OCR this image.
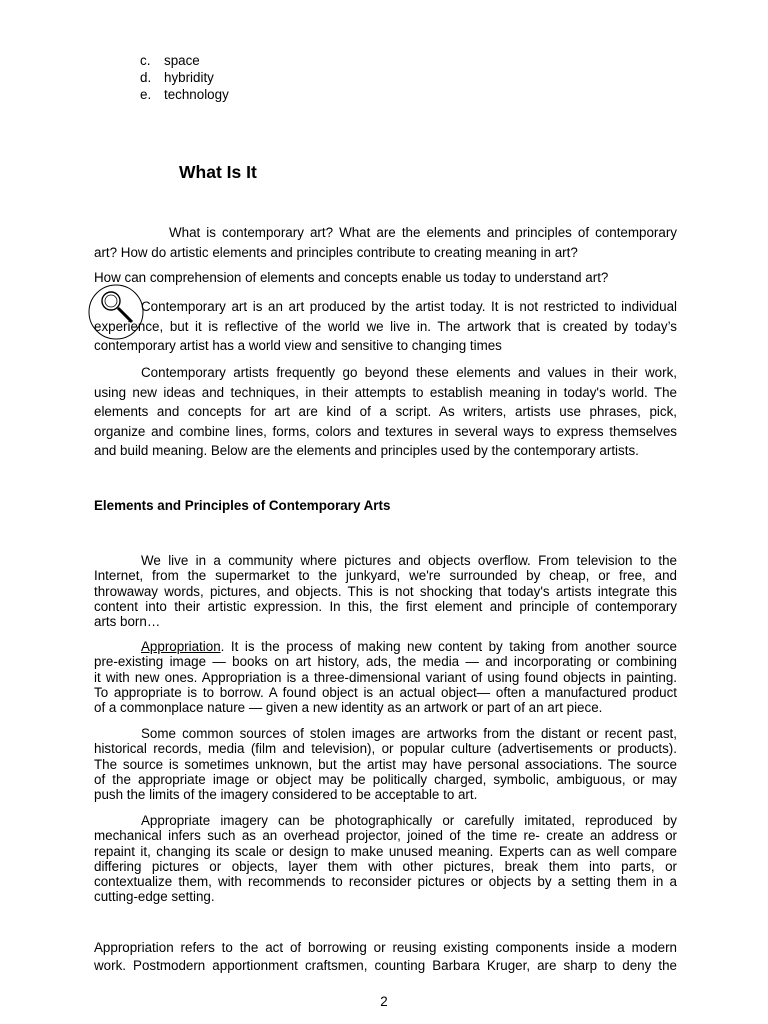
c. space
d. hybridity
e. technology
What Is It
What is contemporary art? What are the elements and principles of contemporary
art? How do artistic elements and principles contribute to creating meaning in art?
How can comprehension of elements and concepts enable us today to understand art?
Contemporary art is an art produced by the artist today. It is not restricted to individual
experience, but it is reflective of the world we live in. The artwork that is created by today’s
contemporary artist has a world view and sensitive to changing times
Contemporary artists frequently go beyond these elements and values in their work,
using new ideas and techniques, in their attempts to establish meaning in today's world. The
elements and concepts for art are kind of a script. As writers, artists use phrases, pick,
organize and combine lines, forms, colors and textures in several ways to express themselves
and build meaning. Below are the elements and principles used by the contemporary artists.
Elements and Principles of Contemporary Arts
We live in a community where pictures and objects overflow. From television to the
Internet, from the supermarket to the junkyard, we're surrounded by cheap, or free, and
throwaway words, pictures, and objects. This is not shocking that today's artists integrate this
content into their artistic expression. In this, the first element and principle of contemporary
arts born…
Appropriation. It is the process of making new content by taking from another source
pre-existing image — books on art history, ads, the media — and incorporating or combining
it with new ones. Appropriation is a three-dimensional variant of using found objects in painting.
To appropriate is to borrow. A found object is an actual object— often a manufactured product
of a commonplace nature — given a new identity as an artwork or part of an art piece.
Some common sources of stolen images are artworks from the distant or recent past,
historical records, media (film and television), or popular culture (advertisements or products).
The source is sometimes unknown, but the artist may have personal associations. The source
of the appropriate image or object may be politically charged, symbolic, ambiguous, or may
push the limits of the imagery considered to be acceptable to art.
Appropriate imagery can be photographically or carefully imitated, reproduced by
mechanical infers such as an overhead projector, joined of the time re- create an address or
repaint it, changing its scale or design to make unused meaning. Experts can as well compare
differing pictures or objects, layer them with other pictures, break them into parts, or
contextualize them, with recommends to reconsider pictures or objects by a setting them in a
cutting-edge setting.
Appropriation refers to the act of borrowing or reusing existing components inside a modern
work. Postmodern apportionment craftsmen, counting Barbara Kruger, are sharp to deny the
2
